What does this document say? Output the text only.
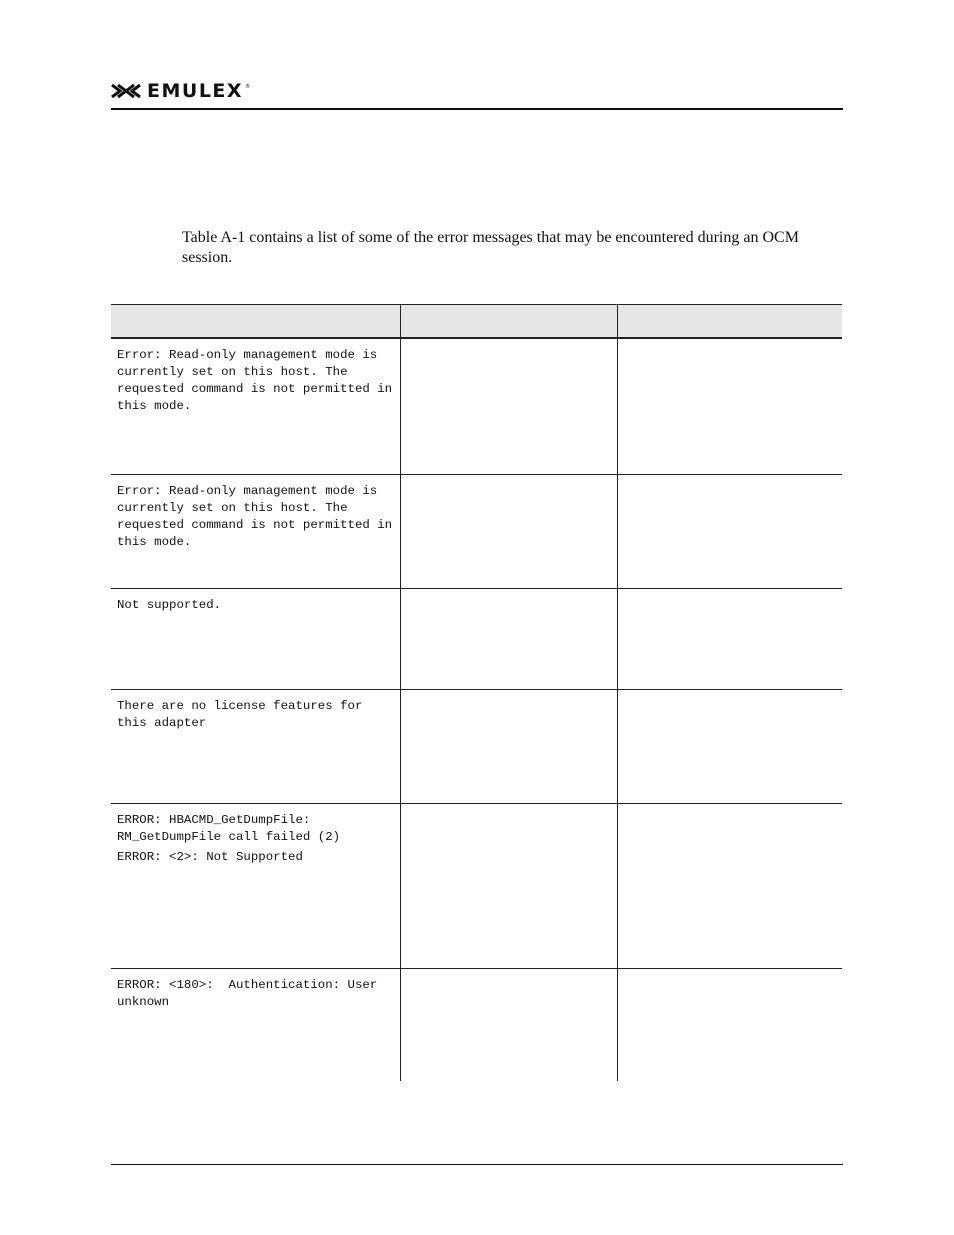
EMULEX ®

Table A-1 contains a list of some of the error messages that may be encountered during an OCM session.

Error: Read-only management mode is currently set on this host. The requested command is not permitted in this mode.		

Error: Read-only management mode is currently set on this host. The requested command is not permitted in this mode.		

Not supported.		

There are no license features for this adapter		

ERROR: HBACMD_GetDumpFile: RM_GetDumpFile call failed (2)
ERROR: <2>: Not Supported		

ERROR: <180>:  Authentication: User unknown		
